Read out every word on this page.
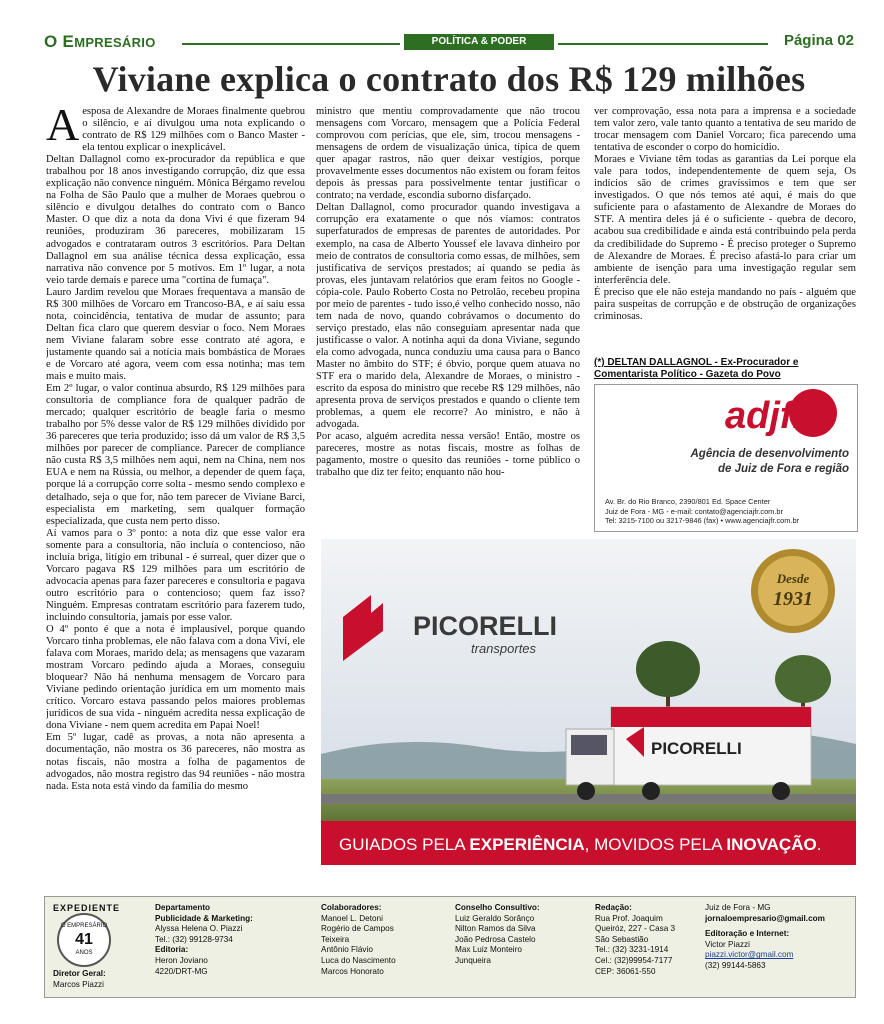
O EMPRESÁRIO	POLÍTICA & PODER	Página 02
Viviane explica o contrato dos R$ 129 milhões
A esposa de Alexandre de Moraes finalmente quebrou o silêncio, e aí divulgou uma nota explicando o contrato de R$ 129 milhões com o Banco Master - ela tentou explicar o inexplicável.

Deltan Dallagnol como ex-procurador da república e que trabalhou por 18 anos investigando corrupção, diz que essa explicação não convence ninguém. Mônica Bérgamo revelou na Folha de São Paulo que a mulher de Moraes quebrou o silêncio e divulgou detalhes do contrato com o Banco Master. O que diz a nota da dona Vivi é que fizeram 94 reuniões, produziram 36 pareceres, mobilizaram 15 advogados e contrataram outros 3 escritórios. Para Deltan Dallagnol em sua análise técnica dessa explicação, essa narrativa não convence por 5 motivos. Em 1º lugar, a nota veio tarde demais e parece uma "cortina de fumaça".

Lauro Jardim revelou que Moraes frequentava a mansão de R$ 300 milhões de Vorcaro em Trancoso-BA, e aí saiu essa nota, coincidência, tentativa de mudar de assunto; para Deltan fica claro que querem desviar o foco. Nem Moraes nem Viviane falaram sobre esse contrato até agora, e justamente quando sai a notícia mais bombástica de Moraes e de Vorcaro até agora, veem com essa notinha; mas tem mais e muito mais.

Em 2º lugar, o valor continua absurdo, R$ 129 milhões para consultoria de compliance fora de qualquer padrão de mercado; qualquer escritório de beagle faria o mesmo trabalho por 5% desse valor de R$ 129 milhões dividido por 36 pareceres que teria produzido; isso dá um valor de R$ 3,5 milhões por parecer de compliance. Parecer de compliance não custa R$ 3,5 milhões nem aqui, nem na China, nem nos EUA e nem na Rússia, ou melhor, a depender de quem faça, porque lá a corrupção corre solta - mesmo sendo complexo e detalhado, seja o que for, não tem parecer de Viviane Barci, especialista em marketing, sem qualquer formação especializada, que custa nem perto disso.

Aí vamos para o 3º ponto: a nota diz que esse valor era somente para a consultoria, não incluía o contencioso, não incluía briga, litígio em tribunal - é surreal, quer dizer que o Vorcaro pagava R$ 129 milhões para um escritório de advocacia apenas para fazer pareceres e consultoria e pagava outro escritório para o contencioso; quem faz isso? Ninguém. Empresas contratam escritório para fazerem tudo, incluindo consultoria, jamais por esse valor.

O 4º ponto é que a nota é implausível, porque quando Vorcaro tinha problemas, ele não falava com a dona Vivi, ele falava com Moraes, marido dela; as mensagens que vazaram mostram Vorcaro pedindo ajuda a Moraes, conseguiu bloquear? Não há nenhuma mensagem de Vorcaro para Viviane pedindo orientação jurídica em um momento mais crítico. Vorcaro estava passando pelos maiores problemas jurídicos de sua vida - ninguém acredita nessa explicação de dona Viviane - nem quem acredita em Papai Noel!

Em 5º lugar, cadê as provas, a nota não apresenta a documentação, não mostra os 36 pareceres, não mostra as notas fiscais, não mostra a folha de pagamentos de advogados, não mostra registro das 94 reuniões - não mostra nada. Esta nota está vindo da família do mesmo

ministro que mentiu comprovadamente que não trocou mensagens com Vorcaro, mensagem que a Polícia Federal comprovou com perícias, que ele, sim, trocou mensagens - mensagens de ordem de visualização única, típica de quem quer apagar rastros, não quer deixar vestígios, porque provavelmente esses documentos não existem ou foram feitos depois às pressas para possivelmente tentar justificar o contrato; na verdade, escondia suborno disfarçado.

Deltan Dallagnol, como procurador quando investigava a corrupção era exatamente o que nós víamos: contratos superfaturados de empresas de parentes de autoridades. Por exemplo, na casa de Alberto Youssef ele lavava dinheiro por meio de contratos de consultoria como essas, de milhões, sem justificativa de serviços prestados; aí quando se pedia às provas, eles juntavam relatórios que eram feitos no Google - cópia-cole. Paulo Roberto Costa no Petrolão, recebeu propina por meio de parentes - tudo isso,é velho conhecido nosso, não tem nada de novo, quando cobrávamos o documento do serviço prestado, elas não conseguiam apresentar nada que justificasse o valor. A notinha aqui da dona Viviane, segundo ela como advogada, nunca conduziu uma causa para o Banco Master no âmbito do STF; é óbvio, porque quem atuava no STF era o marido dela, Alexandre de Moraes, o ministro - escrito da esposa do ministro que recebe R$ 129 milhões, não apresenta prova de serviços prestados e quando o cliente tem problemas, a quem ele recorre? Ao ministro, e não à advogada.

Por acaso, alguém acredita nessa versão! Então, mostre os pareceres, mostre as notas fiscais, mostre as folhas de pagamento, mostre o quesito das reuniões - torne público o trabalho que diz ter feito; enquanto não hou-

ver comprovação, essa nota para a imprensa e a sociedade tem valor zero, vale tanto quanto a tentativa de seu marido de trocar mensagem com Daniel Vorcaro; fica parecendo uma tentativa de esconder o corpo do homicídio.

Moraes e Viviane têm todas as garantias da Lei porque ela vale para todos, independentemente de quem seja, Os indícios são de crimes gravíssimos e tem que ser investigados. O que nós temos até aqui, é mais do que suficiente para o afastamento de Alexandre de Moraes do STF. A mentira deles já é o suficiente - quebra de decoro, acabou sua credibilidade e ainda está contribuindo pela perda da credibilidade do Supremo - É preciso proteger o Supremo de Alexandre de Moraes. É preciso afastá-lo para criar um ambiente de isenção para uma investigação regular sem interferência dele.

É preciso que ele não esteja mandando no país - alguém que paira suspeitas de corrupção e de obstrução de organizações criminosas.

(*) DELTAN DALLAGNOL - Ex-Procurador e Comentarista Político - Gazeta do Povo
adjfr
Agência de desenvolvimento
de Juiz de Fora e região
Av. Br. do Rio Branco, 2390/801 Ed. Space Center
Juiz de Fora - MG - e-mail: contato@agenciajfr.com.br
Tel: 3215-7100 ou 3217-9846 (fax) • www.agenciajfr.com.br
PICORELLI
PICORELLI
transportes
Desde
1931
GUIADOS PELA EXPERIÊNCIA, MOVIDOS PELA INOVAÇÃO.
EXPEDIENTE
O EMPRESÁRIO
41
ANOS
Diretor Geral:
Marcos Piazzi
Departamento
Publicidade & Marketing:
Alyssa Helena O. Piazzi
Tel.: (32) 99128-9734
Editoria:
Heron Joviano
4220/DRT-MG
Colaboradores:
Manoel L. Detoni
Rogério de Campos
Teixeira
Antônio Flávio
Luca do Nascimento
Marcos Honorato
Conselho Consultivo:
Luiz Geraldo Sorânço
Nilton Ramos da Silva
João Pedrosa Castelo
Max Luiz Monteiro
Junqueira
Redação:
Rua Prof. Joaquim
Queiróz, 227 - Casa 3
São Sebastião
Tel.: (32) 3231-1914
Cel.: (32)99954-7177
CEP: 36061-550
Juiz de Fora - MG
jornaloempresario@gmail.com
Editoração e Internet:
Victor Piazzi
piazzi.victor@gmail.com
(32) 99144-5863
